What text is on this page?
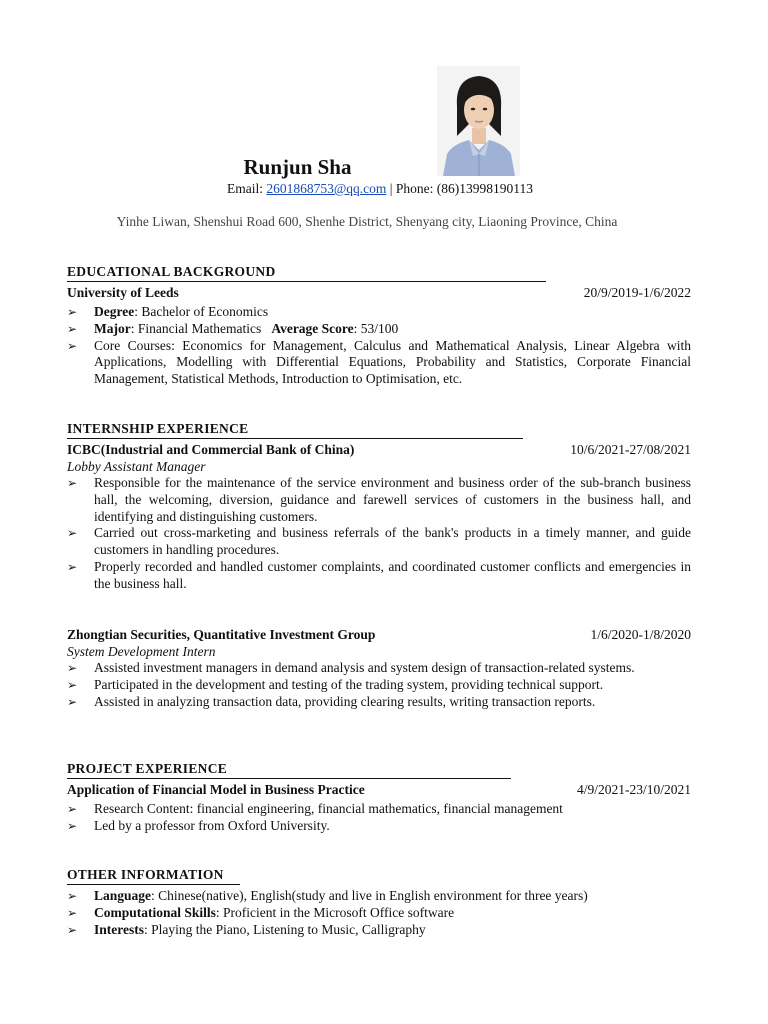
Runjun Sha
Email: 2601868753@qq.com | Phone: (86)13998190113
Yinhe Liwan, Shenshui Road 600, Shenhe District, Shenyang city, Liaoning Province, China
EDUCATIONAL BACKGROUND
University of Leeds	20/9/2019-1/6/2022
➢ Degree: Bachelor of Economics
➢ Major: Financial Mathematics   Average Score: 53/100
➢ Core Courses: Economics for Management, Calculus and Mathematical Analysis, Linear Algebra with Applications, Modelling with Differential Equations, Probability and Statistics, Corporate Financial Management, Statistical Methods, Introduction to Optimisation, etc.
INTERNSHIP EXPERIENCE
ICBC(Industrial and Commercial Bank of China)	10/6/2021-27/08/2021
Lobby Assistant Manager
➢ Responsible for the maintenance of the service environment and business order of the sub-branch business hall, the welcoming, diversion, guidance and farewell services of customers in the business hall, and identifying and distinguishing customers.
➢ Carried out cross-marketing and business referrals of the bank's products in a timely manner, and guide customers in handling procedures.
➢ Properly recorded and handled customer complaints, and coordinated customer conflicts and emergencies in the business hall.
Zhongtian Securities, Quantitative Investment Group	1/6/2020-1/8/2020
System Development Intern
➢ Assisted investment managers in demand analysis and system design of transaction-related systems.
➢ Participated in the development and testing of the trading system, providing technical support.
➢ Assisted in analyzing transaction data, providing clearing results, writing transaction reports.
PROJECT EXPERIENCE
Application of Financial Model in Business Practice	4/9/2021-23/10/2021
➢ Research Content: financial engineering, financial mathematics, financial management
➢ Led by a professor from Oxford University.
OTHER INFORMATION
➢ Language: Chinese(native), English(study and live in English environment for three years)
➢ Computational Skills: Proficient in the Microsoft Office software
➢ Interests: Playing the Piano, Listening to Music, Calligraphy
